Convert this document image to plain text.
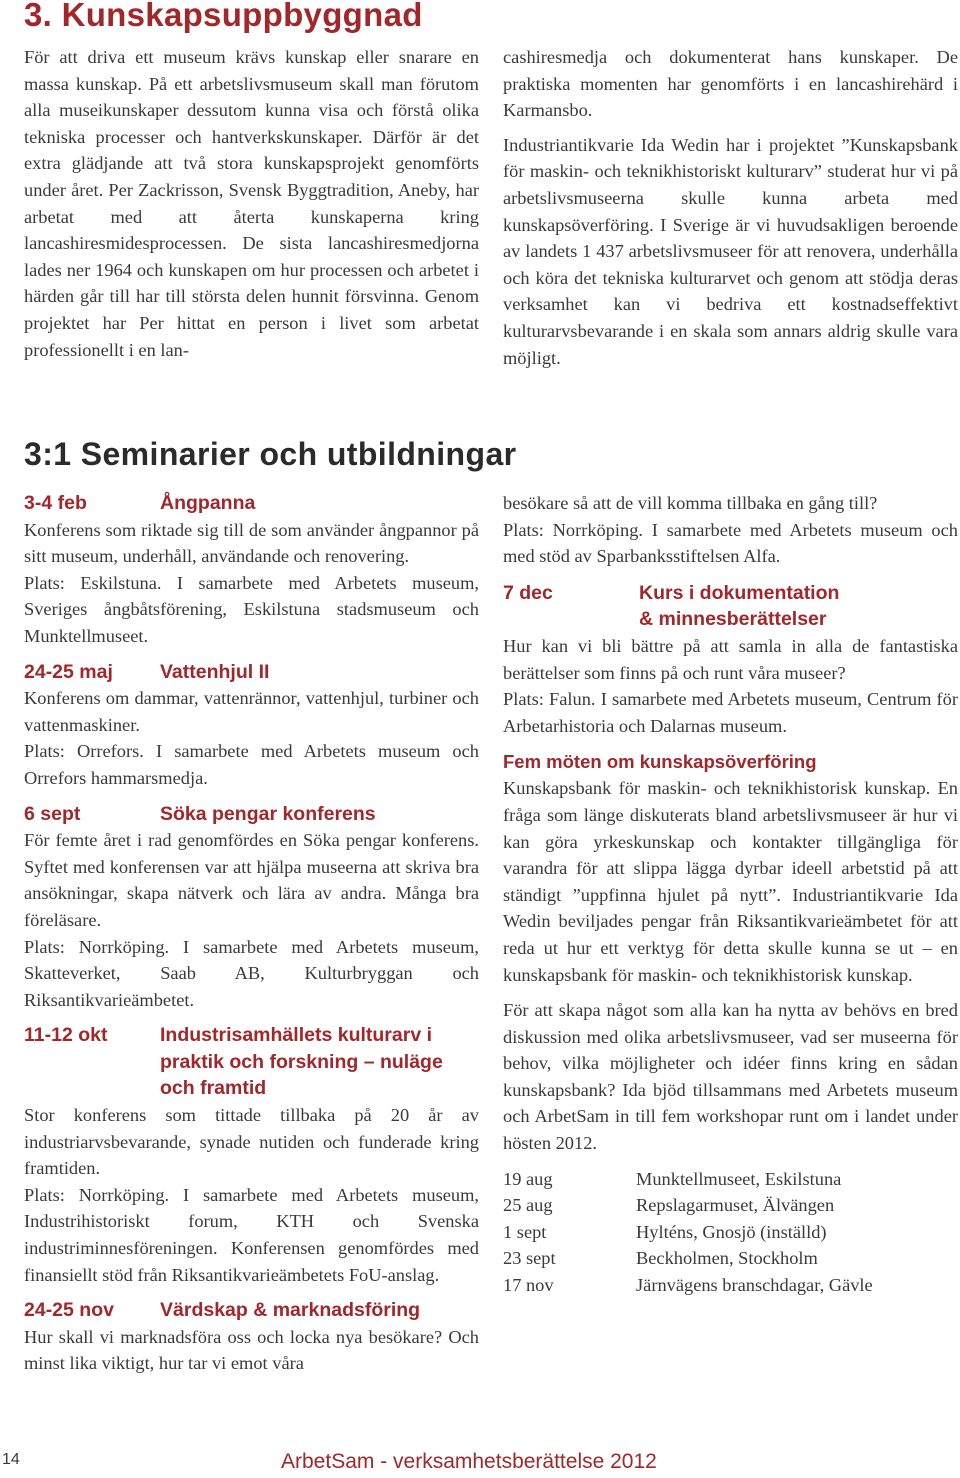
3. Kunskapsuppbyggnad

För att driva ett museum krävs kunskap eller snarare en massa kunskap. På ett arbetslivsmuseum skall man förutom alla museikunskaper dessutom kunna visa och förstå olika tekniska processer och hantverkskunskaper. Därför är det extra glädjande att två stora kunskapsprojekt genomförts under året. Per Zackrisson, Svensk Byggtradition, Aneby, har arbetat med att återta kunskaperna kring lancashiresmidesprocessen. De sista lancashiresmedjorna lades ner 1964 och kunskapen om hur processen och arbetet i härden går till har till största delen hunnit försvinna. Genom projektet har Per hittat en person i livet som arbetat professionellt i en lan-

cashiresmedja och dokumenterat hans kunskaper. De praktiska momenten har genomförts i en lancashirehärd i Karmansbo.

Industriantikvarie Ida Wedin har i projektet ”Kunskapsbank för maskin- och teknikhistoriskt kulturarv” studerat hur vi på arbetslivsmuseerna skulle kunna arbeta med kunskapsöverföring. I Sverige är vi huvudsakligen beroende av landets 1 437 arbetslivsmuseer för att renovera, underhålla och köra det tekniska kulturarvet och genom att stödja deras verksamhet kan vi bedriva ett kostnadseffektivt kulturarvsbevarande i en skala som annars aldrig skulle vara möjligt.

3:1 Seminarier och utbildningar
3-4 feb	Ångpanna

Konferens som riktade sig till de som använder ångpannor på sitt museum, underhåll, användande och renovering.

Plats: Eskilstuna. I samarbete med Arbetets museum, Sveriges ångbåtsförening, Eskilstuna stadsmuseum och Munktellmuseet.

24-25 maj	Vattenhjul II

Konferens om dammar, vattenrännor, vattenhjul, turbiner och vattenmaskiner.

Plats: Orrefors. I samarbete med Arbetets museum och Orrefors hammarsmedja.

6 sept	Söka pengar konferens

För femte året i rad genomfördes en Söka pengar konferens. Syftet med konferensen var att hjälpa museerna att skriva bra ansökningar, skapa nätverk och lära av andra. Många bra föreläsare.

Plats: Norrköping. I samarbete med Arbetets museum, Skatteverket, Saab AB, Kulturbryggan och Riksantikvarieämbetet.

11-12 okt	Industrisamhällets kulturarv i praktik och forskning – nuläge och framtid

Stor konferens som tittade tillbaka på 20 år av industriarvsbevarande, synade nutiden och funderade kring framtiden.

Plats: Norrköping. I samarbete med Arbetets museum, Industrihistoriskt forum, KTH och Svenska industriminnesföreningen. Konferensen genomfördes med finansiellt stöd från Riksantikvarieämbetets FoU-anslag.

24-25 nov	Värdskap & marknadsföring

Hur skall vi marknadsföra oss och locka nya besökare? Och minst lika viktigt, hur tar vi emot våra

besökare så att de vill komma tillbaka en gång till?

Plats: Norrköping. I samarbete med Arbetets museum och med stöd av Sparbanksstiftelsen Alfa.

7 dec	Kurs i dokumentation
& minnesberättelser

Hur kan vi bli bättre på att samla in alla de fantastiska berättelser som finns på och runt våra museer?

Plats: Falun. I samarbete med Arbetets museum, Centrum för Arbetarhistoria och Dalarnas museum.

Fem möten om kunskapsöverföring

Kunskapsbank för maskin- och teknikhistorisk kunskap. En fråga som länge diskuterats bland arbetslivsmuseer är hur vi kan göra yrkeskunskap och kontakter tillgängliga för varandra för att slippa lägga dyrbar ideell arbetstid på att ständigt ”uppfinna hjulet på nytt”. Industriantikvarie Ida Wedin beviljades pengar från Riksantikvarieämbetet för att reda ut hur ett verktyg för detta skulle kunna se ut – en kunskapsbank för maskin- och teknikhistorisk kunskap.

För att skapa något som alla kan ha nytta av behövs en bred diskussion med olika arbetslivsmuseer, vad ser museerna för behov, vilka möjligheter och idéer finns kring en sådan kunskapsbank? Ida bjöd tillsammans med Arbetets museum och ArbetSam in till fem workshopar runt om i landet under hösten 2012.

19 aug	Munktellmuseet, Eskilstuna
25 aug	Repslagarmuset, Älvängen
1 sept	Hylténs, Gnosjö (inställd)
23 sept	Beckholmen, Stockholm
17 nov	Järnvägens branschdagar, Gävle
14	ArbetSam - verksamhetsberättelse 2012
